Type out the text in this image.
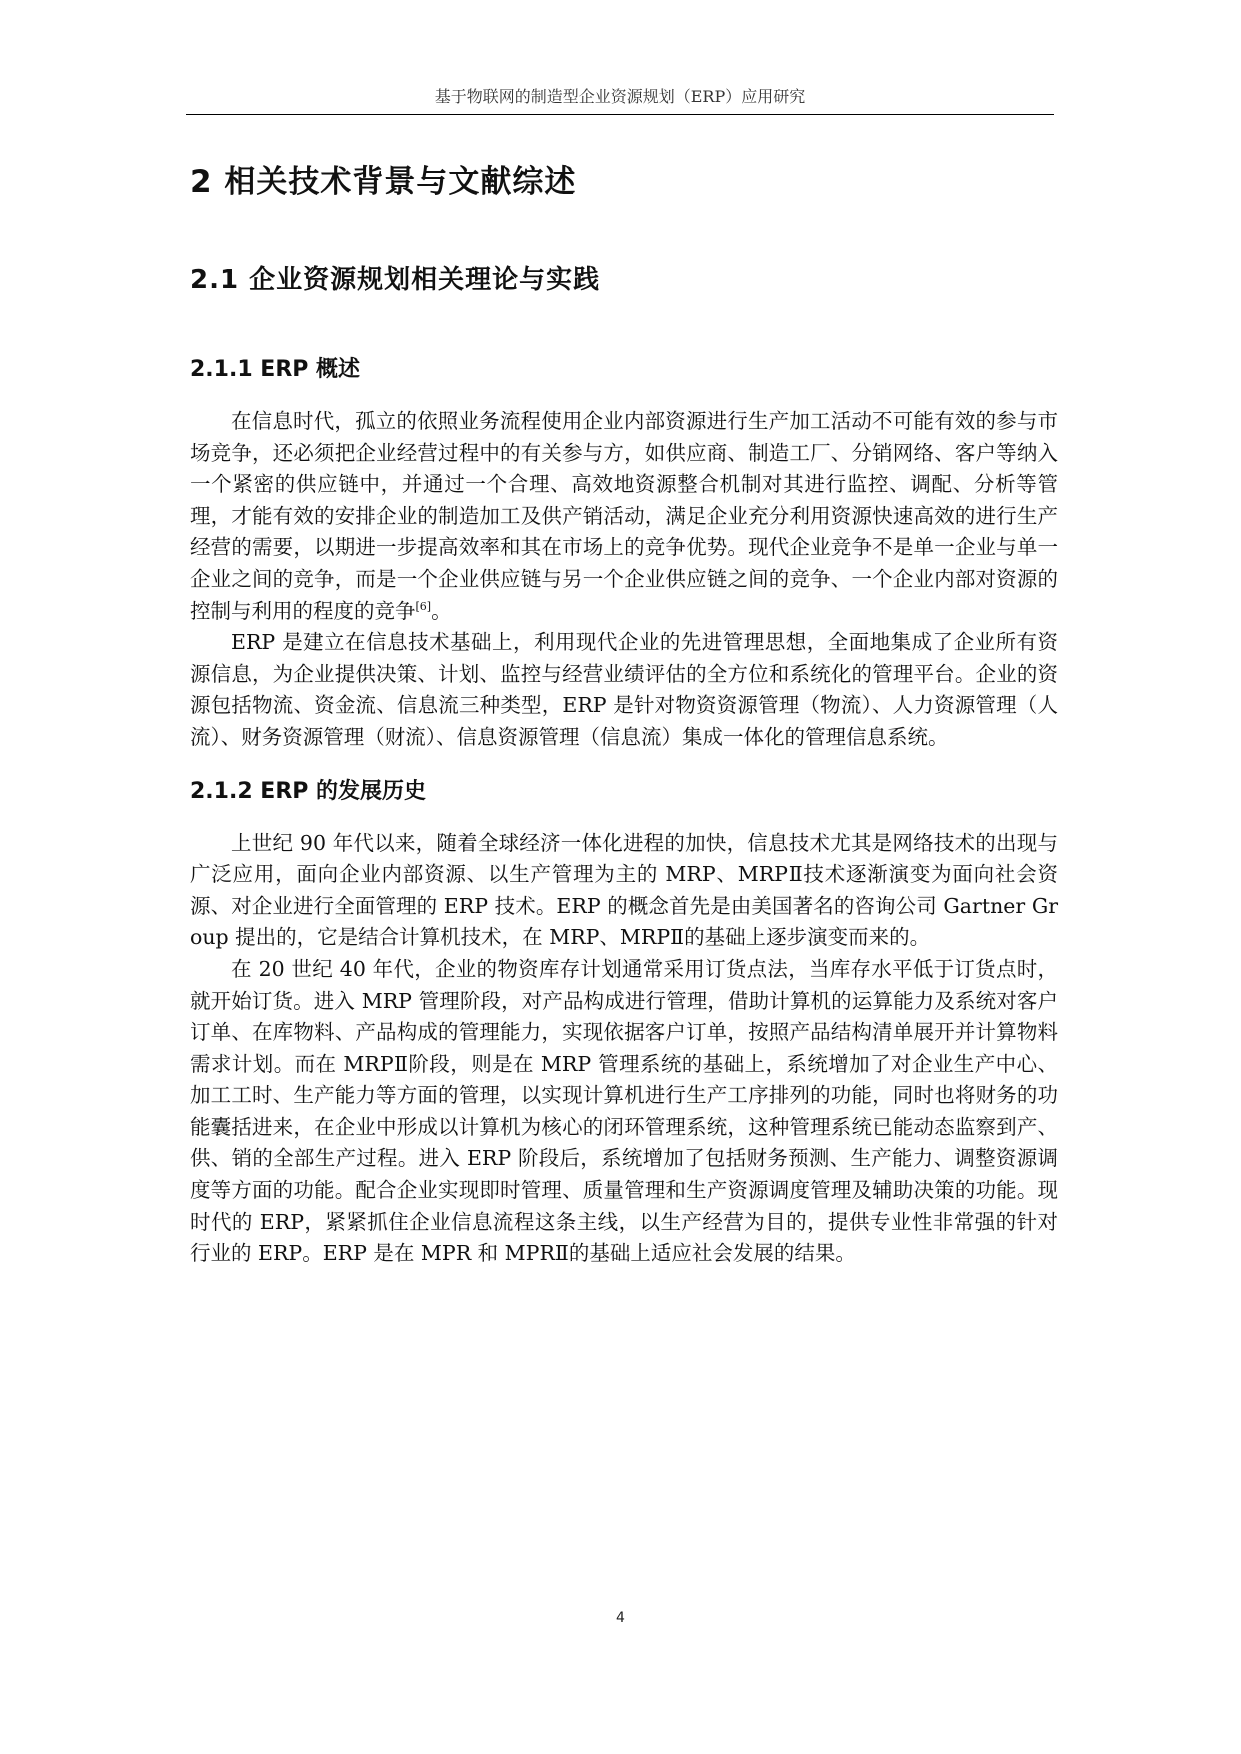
基于物联网的制造型企业资源规划（ERP）应用研究
2 相关技术背景与文献综述
2.1 企业资源规划相关理论与实践
2.1.1 ERP 概述

在信息时代，孤立的依照业务流程使用企业内部资源进行生产加工活动不可能有效的参与市场竞争，还必须把企业经营过程中的有关参与方，如供应商、制造工厂、分销网络、客户等纳入一个紧密的供应链中，并通过一个合理、高效地资源整合机制对其进行监控、调配、分析等管理，才能有效的安排企业的制造加工及供产销活动，满足企业充分利用资源快速高效的进行生产经营的需要，以期进一步提高效率和其在市场上的竞争优势。现代企业竞争不是单一企业与单一企业之间的竞争，而是一个企业供应链与另一个企业供应链之间的竞争、一个企业内部对资源的控制与利用的程度的竞争[6]。

ERP 是建立在信息技术基础上，利用现代企业的先进管理思想，全面地集成了企业所有资源信息，为企业提供决策、计划、监控与经营业绩评估的全方位和系统化的管理平台。企业的资源包括物流、资金流、信息流三种类型，ERP 是针对物资资源管理（物流）、人力资源管理（人流）、财务资源管理（财流）、信息资源管理（信息流）集成一体化的管理信息系统。

2.1.2 ERP 的发展历史

上世纪 90 年代以来，随着全球经济一体化进程的加快，信息技术尤其是网络技术的出现与广泛应用，面向企业内部资源、以生产管理为主的 MRP、MRPⅡ技术逐渐演变为面向社会资源、对企业进行全面管理的 ERP 技术。ERP 的概念首先是由美国著名的咨询公司 Gartner Group 提出的，它是结合计算机技术，在 MRP、MRPⅡ的基础上逐步演变而来的。

在 20 世纪 40 年代，企业的物资库存计划通常采用订货点法，当库存水平低于订货点时，就开始订货。进入 MRP 管理阶段，对产品构成进行管理，借助计算机的运算能力及系统对客户订单、在库物料、产品构成的管理能力，实现依据客户订单，按照产品结构清单展开并计算物料需求计划。而在 MRPⅡ阶段，则是在 MRP 管理系统的基础上，系统增加了对企业生产中心、加工工时、生产能力等方面的管理，以实现计算机进行生产工序排列的功能，同时也将财务的功能囊括进来，在企业中形成以计算机为核心的闭环管理系统，这种管理系统已能动态监察到产、供、销的全部生产过程。进入 ERP 阶段后，系统增加了包括财务预测、生产能力、调整资源调度等方面的功能。配合企业实现即时管理、质量管理和生产资源调度管理及辅助决策的功能。现时代的 ERP，紧紧抓住企业信息流程这条主线，以生产经营为目的，提供专业性非常强的针对行业的 ERP。ERP 是在 MPR 和 MPRⅡ的基础上适应社会发展的结果。

4
